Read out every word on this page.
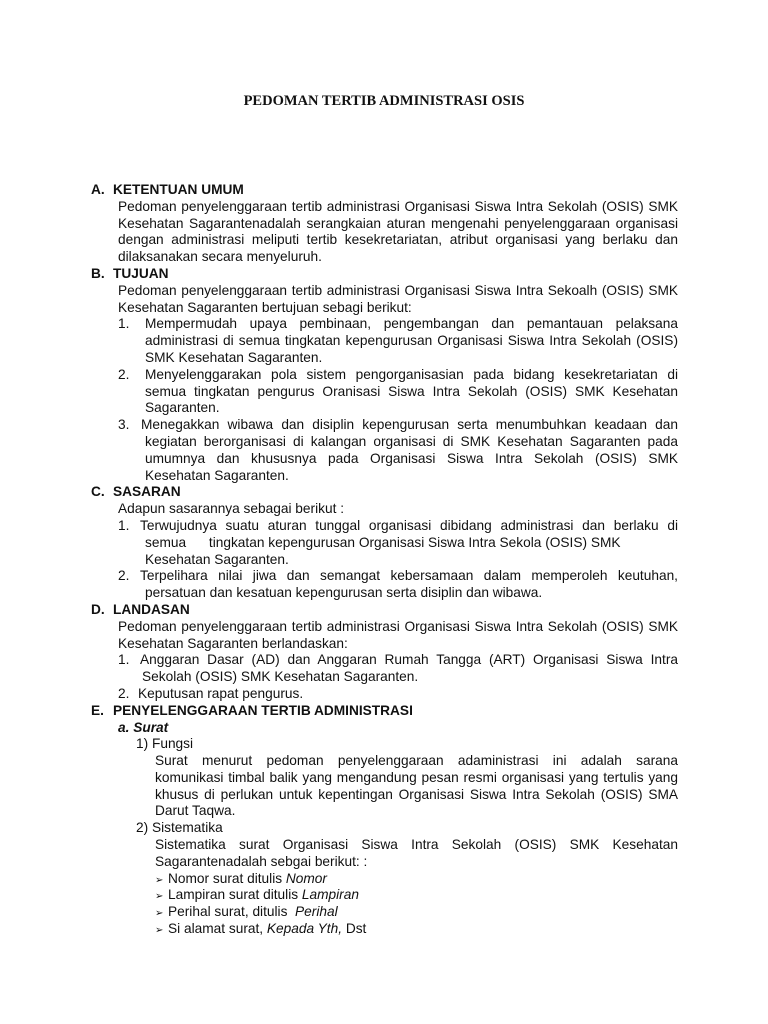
PEDOMAN TERTIB ADMINISTRASI OSIS
A. KETENTUAN UMUM
Pedoman penyelenggaraan tertib administrasi Organisasi Siswa Intra Sekolah (OSIS) SMK
Kesehatan Sagarantenadalah serangkaian aturan mengenahi penyelenggaraan organisasi
dengan administrasi meliputi tertib kesekretariatan, atribut organisasi yang berlaku dan
dilaksanakan secara menyeluruh.
B. TUJUAN
Pedoman penyelenggaraan tertib administrasi Organisasi Siswa Intra Sekoalh (OSIS) SMK
Kesehatan Sagaranten bertujuan sebagi berikut:
1. Mempermudah upaya pembinaan, pengembangan dan pemantauan pelaksana
administrasi di semua tingkatan kepengurusan Organisasi Siswa Intra Sekolah (OSIS)
SMK Kesehatan Sagaranten.
2. Menyelenggarakan pola sistem pengorganisasian pada bidang kesekretariatan di
semua tingkatan pengurus Oranisasi Siswa Intra Sekolah (OSIS) SMK Kesehatan
Sagaranten.
3. Menegakkan wibawa dan disiplin kepengurusan serta menumbuhkan keadaan dan
kegiatan berorganisasi di kalangan organisasi di SMK Kesehatan Sagaranten pada
umumnya dan khususnya pada Organisasi Siswa Intra Sekolah (OSIS) SMK
Kesehatan Sagaranten.
C. SASARAN
Adapun sasarannya sebagai berikut :
1. Terwujudnya suatu aturan tunggal organisasi dibidang administrasi dan berlaku di
semua      tingkatan kepengurusan Organisasi Siswa Intra Sekola (OSIS) SMK
Kesehatan Sagaranten.
2. Terpelihara nilai jiwa dan semangat kebersamaan dalam memperoleh keutuhan,
persatuan dan kesatuan kepengurusan serta disiplin dan wibawa.
D. LANDASAN
Pedoman penyelenggaraan tertib administrasi Organisasi Siswa Intra Sekolah (OSIS) SMK
Kesehatan Sagaranten berlandaskan:
1. Anggaran Dasar (AD) dan Anggaran Rumah Tangga (ART) Organisasi Siswa Intra
Sekolah (OSIS) SMK Kesehatan Sagaranten.
2. Keputusan rapat pengurus.
E. PENYELENGGARAAN TERTIB ADMINISTRASI
a. Surat
1) Fungsi
Surat menurut pedoman penyelenggaraan adaministrasi ini adalah sarana
komunikasi timbal balik yang mengandung pesan resmi organisasi yang tertulis yang
khusus di perlukan untuk kepentingan Organisasi Siswa Intra Sekolah (OSIS) SMA
Darut Taqwa.
2) Sistematika
Sistematika surat Organisasi Siswa Intra Sekolah (OSIS) SMK Kesehatan
Sagarantenadalah sebgai berikut: :
➢ Nomor surat ditulis Nomor
➢ Lampiran surat ditulis Lampiran
➢ Perihal surat, ditulis  Perihal
➢ Si alamat surat, Kepada Yth, Dst
